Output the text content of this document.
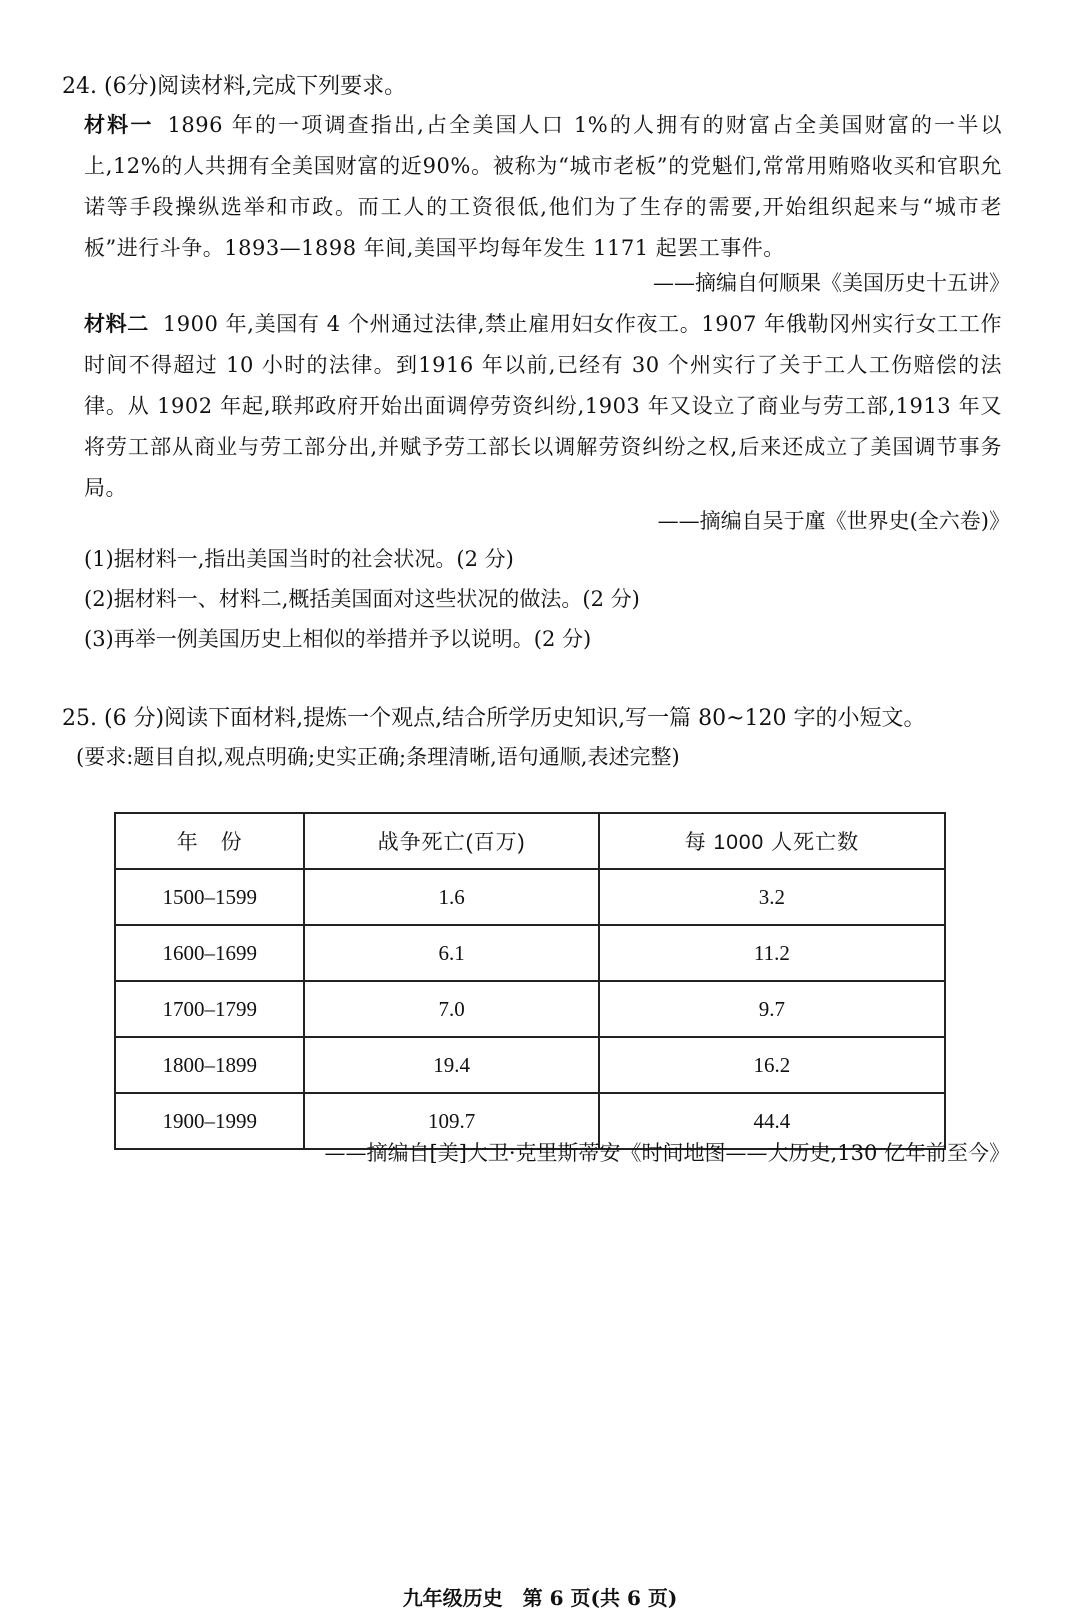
24. (6分)阅读材料,完成下列要求。
材料一 1896 年的一项调查指出,占全美国人口 1%的人拥有的财富占全美国财富的一半以上,12%的人共拥有全美国财富的近90%。被称为“城市老板”的党魁们,常常用贿赂收买和官职允诺等手段操纵选举和市政。而工人的工资很低,他们为了生存的需要,开始组织起来与“城市老板”进行斗争。1893—1898 年间,美国平均每年发生 1171 起罢工事件。
——摘编自何顺果《美国历史十五讲》
材料二 1900 年,美国有 4 个州通过法律,禁止雇用妇女作夜工。1907 年俄勒冈州实行女工工作时间不得超过 10 小时的法律。到1916 年以前,已经有 30 个州实行了关于工人工伤赔偿的法律。从 1902 年起,联邦政府开始出面调停劳资纠纷,1903 年又设立了商业与劳工部,1913 年又将劳工部从商业与劳工部分出,并赋予劳工部长以调解劳资纠纷之权,后来还成立了美国调节事务局。
——摘编自吴于廑《世界史(全六卷)》
(1)据材料一,指出美国当时的社会状况。(2 分)
(2)据材料一、材料二,概括美国面对这些状况的做法。(2 分)
(3)再举一例美国历史上相似的举措并予以说明。(2 分)
25. (6 分)阅读下面材料,提炼一个观点,结合所学历史知识,写一篇 80~120 字的小短文。
(要求:题目自拟,观点明确;史实正确;条理清晰,语句通顺,表述完整)
年　份	战争死亡(百万)	每 1000 人死亡数
1500–1599	1.6	3.2
1600–1699	6.1	11.2
1700–1799	7.0	9.7
1800–1899	19.4	16.2
1900–1999	109.7	44.4
——摘编自[美]大卫·克里斯蒂安《时间地图——大历史,130 亿年前至今》
九年级历史　第 6 页(共 6 页)
